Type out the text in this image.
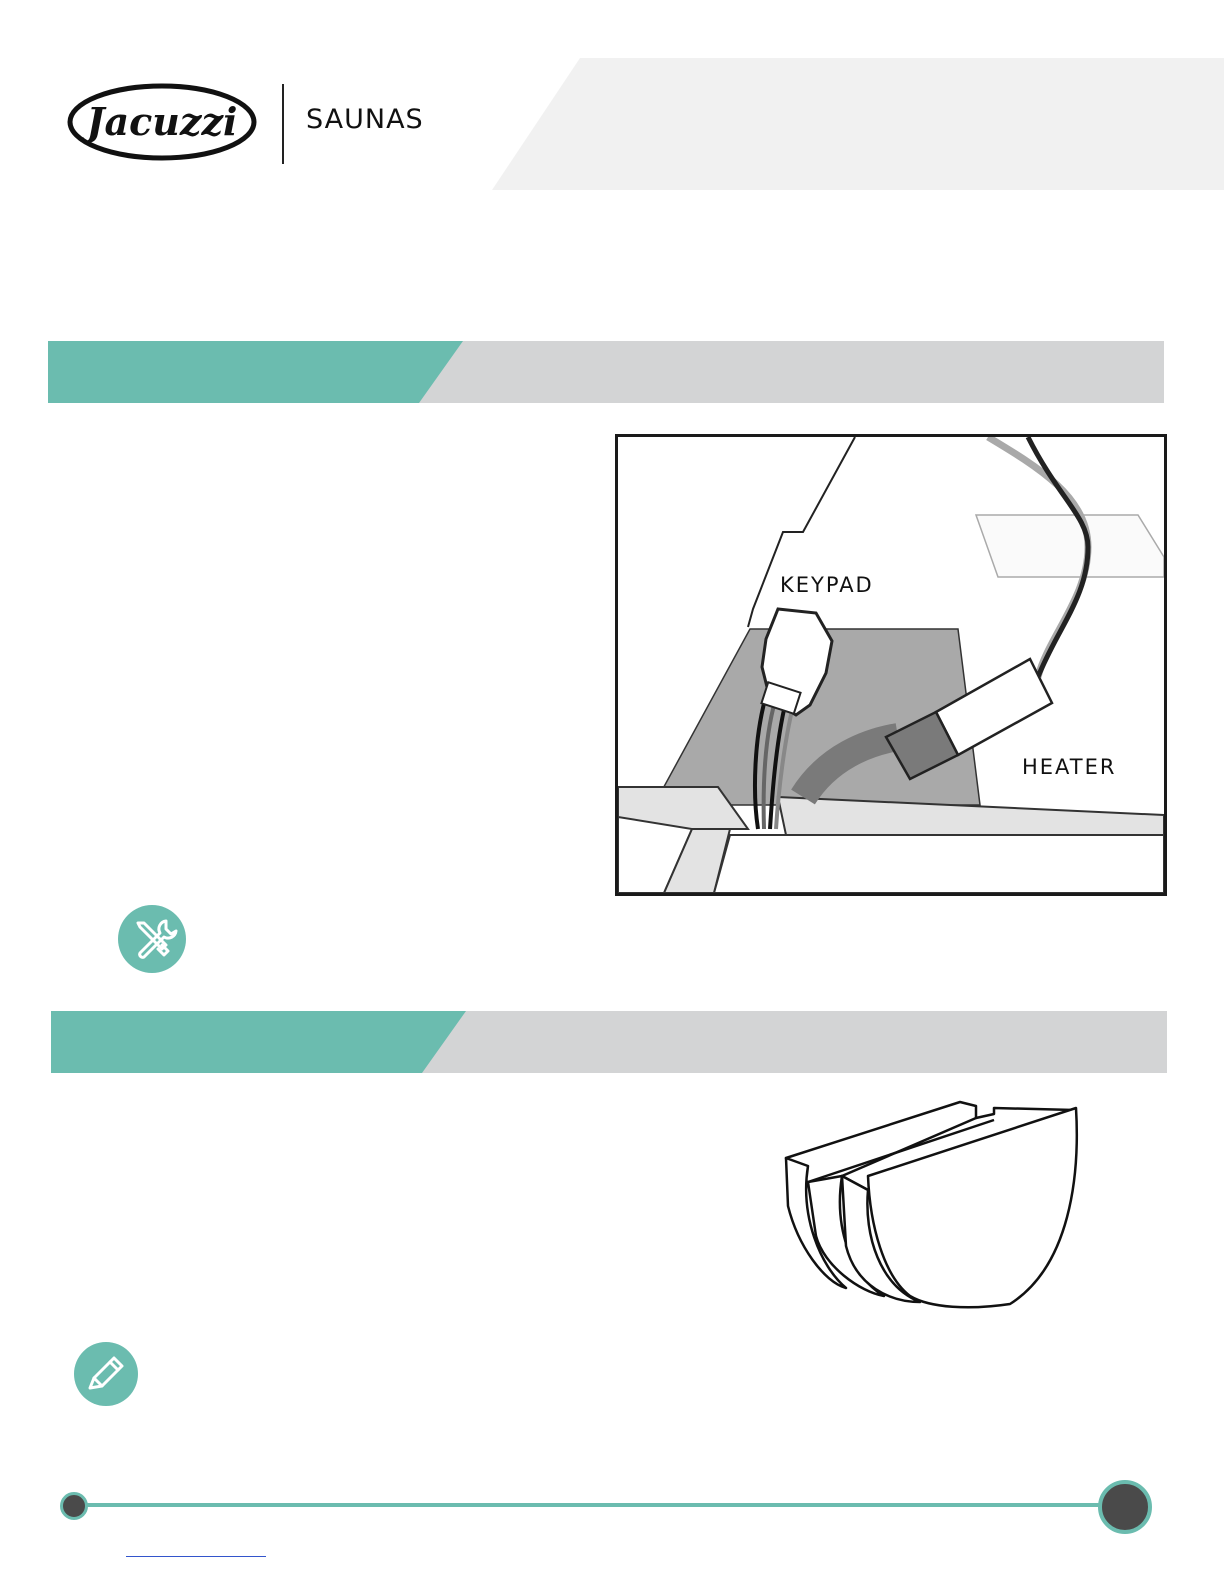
Jacuzzi	SAUNAS
KEYPAD
HEATER
